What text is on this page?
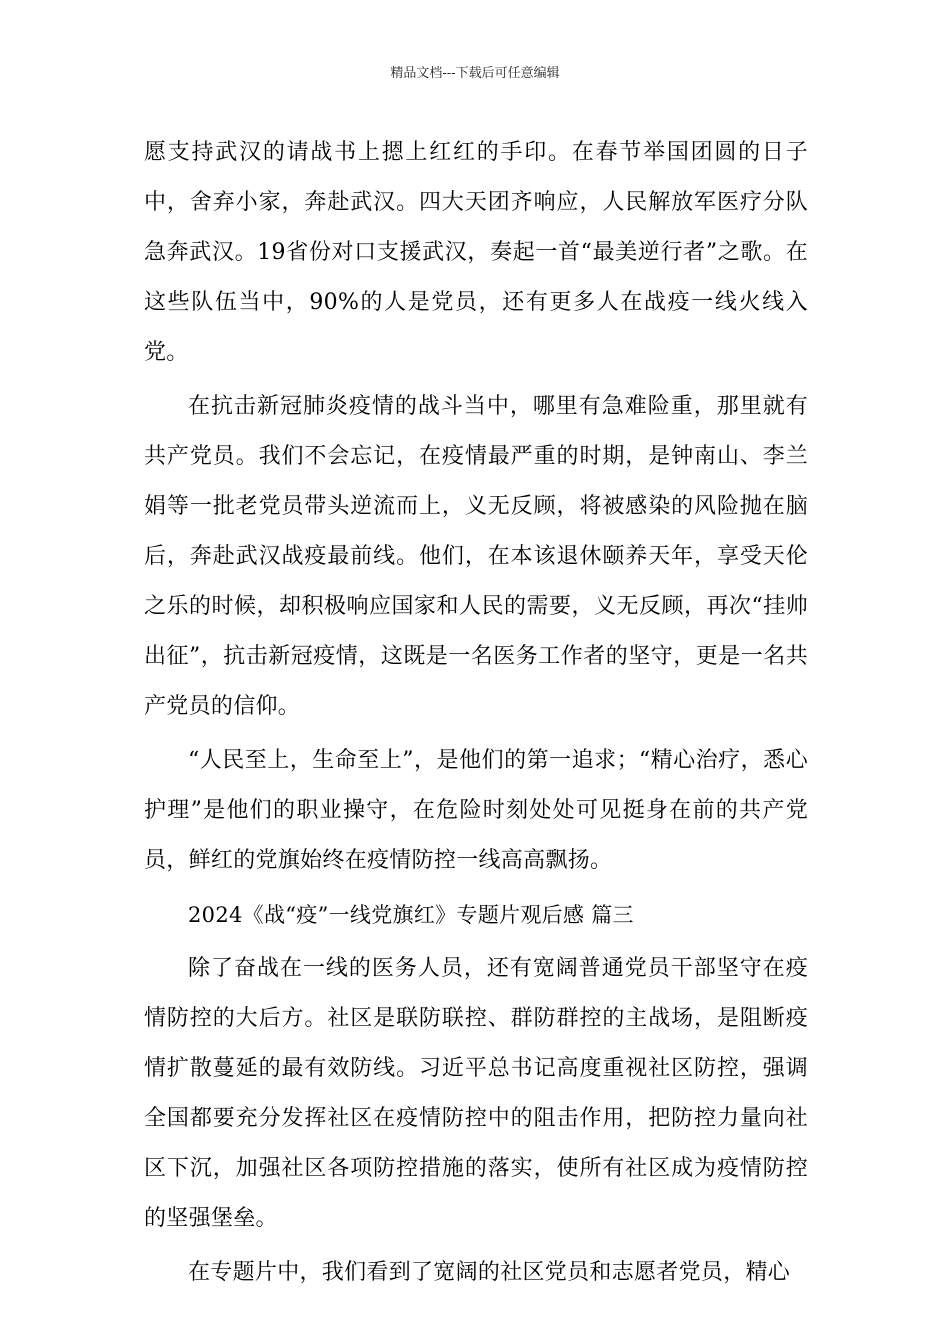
精品文档---下载后可任意编辑

愿支持武汉的请战书上摁上红红的手印。在春节举国团圆的日子中，舍弃小家，奔赴武汉。四大天团齐响应，人民解放军医疗分队急奔武汉。19省份对口支援武汉，奏起一首“最美逆行者”之歌。在这些队伍当中，90%的人是党员，还有更多人在战疫一线火线入党。

在抗击新冠肺炎疫情的战斗当中，哪里有急难险重，那里就有共产党员。我们不会忘记，在疫情最严重的时期，是钟南山、李兰娟等一批老党员带头逆流而上，义无反顾，将被感染的风险抛在脑后，奔赴武汉战疫最前线。他们，在本该退休颐养天年，享受天伦之乐的时候，却积极响应国家和人民的需要，义无反顾，再次“挂帅出征”，抗击新冠疫情，这既是一名医务工作者的坚守，更是一名共产党员的信仰。

“人民至上，生命至上”，是他们的第一追求；“精心治疗，悉心护理”是他们的职业操守，在危险时刻处处可见挺身在前的共产党员，鲜红的党旗始终在疫情防控一线高高飘扬。

2024《战“疫”一线党旗红》专题片观后感 篇三

除了奋战在一线的医务人员，还有宽阔普通党员干部坚守在疫情防控的大后方。社区是联防联控、群防群控的主战场，是阻断疫情扩散蔓延的最有效防线。习近平总书记高度重视社区防控，强调全国都要充分发挥社区在疫情防控中的阻击作用，把防控力量向社区下沉，加强社区各项防控措施的落实，使所有社区成为疫情防控的坚强堡垒。

在专题片中，我们看到了宽阔的社区党员和志愿者党员，精心
